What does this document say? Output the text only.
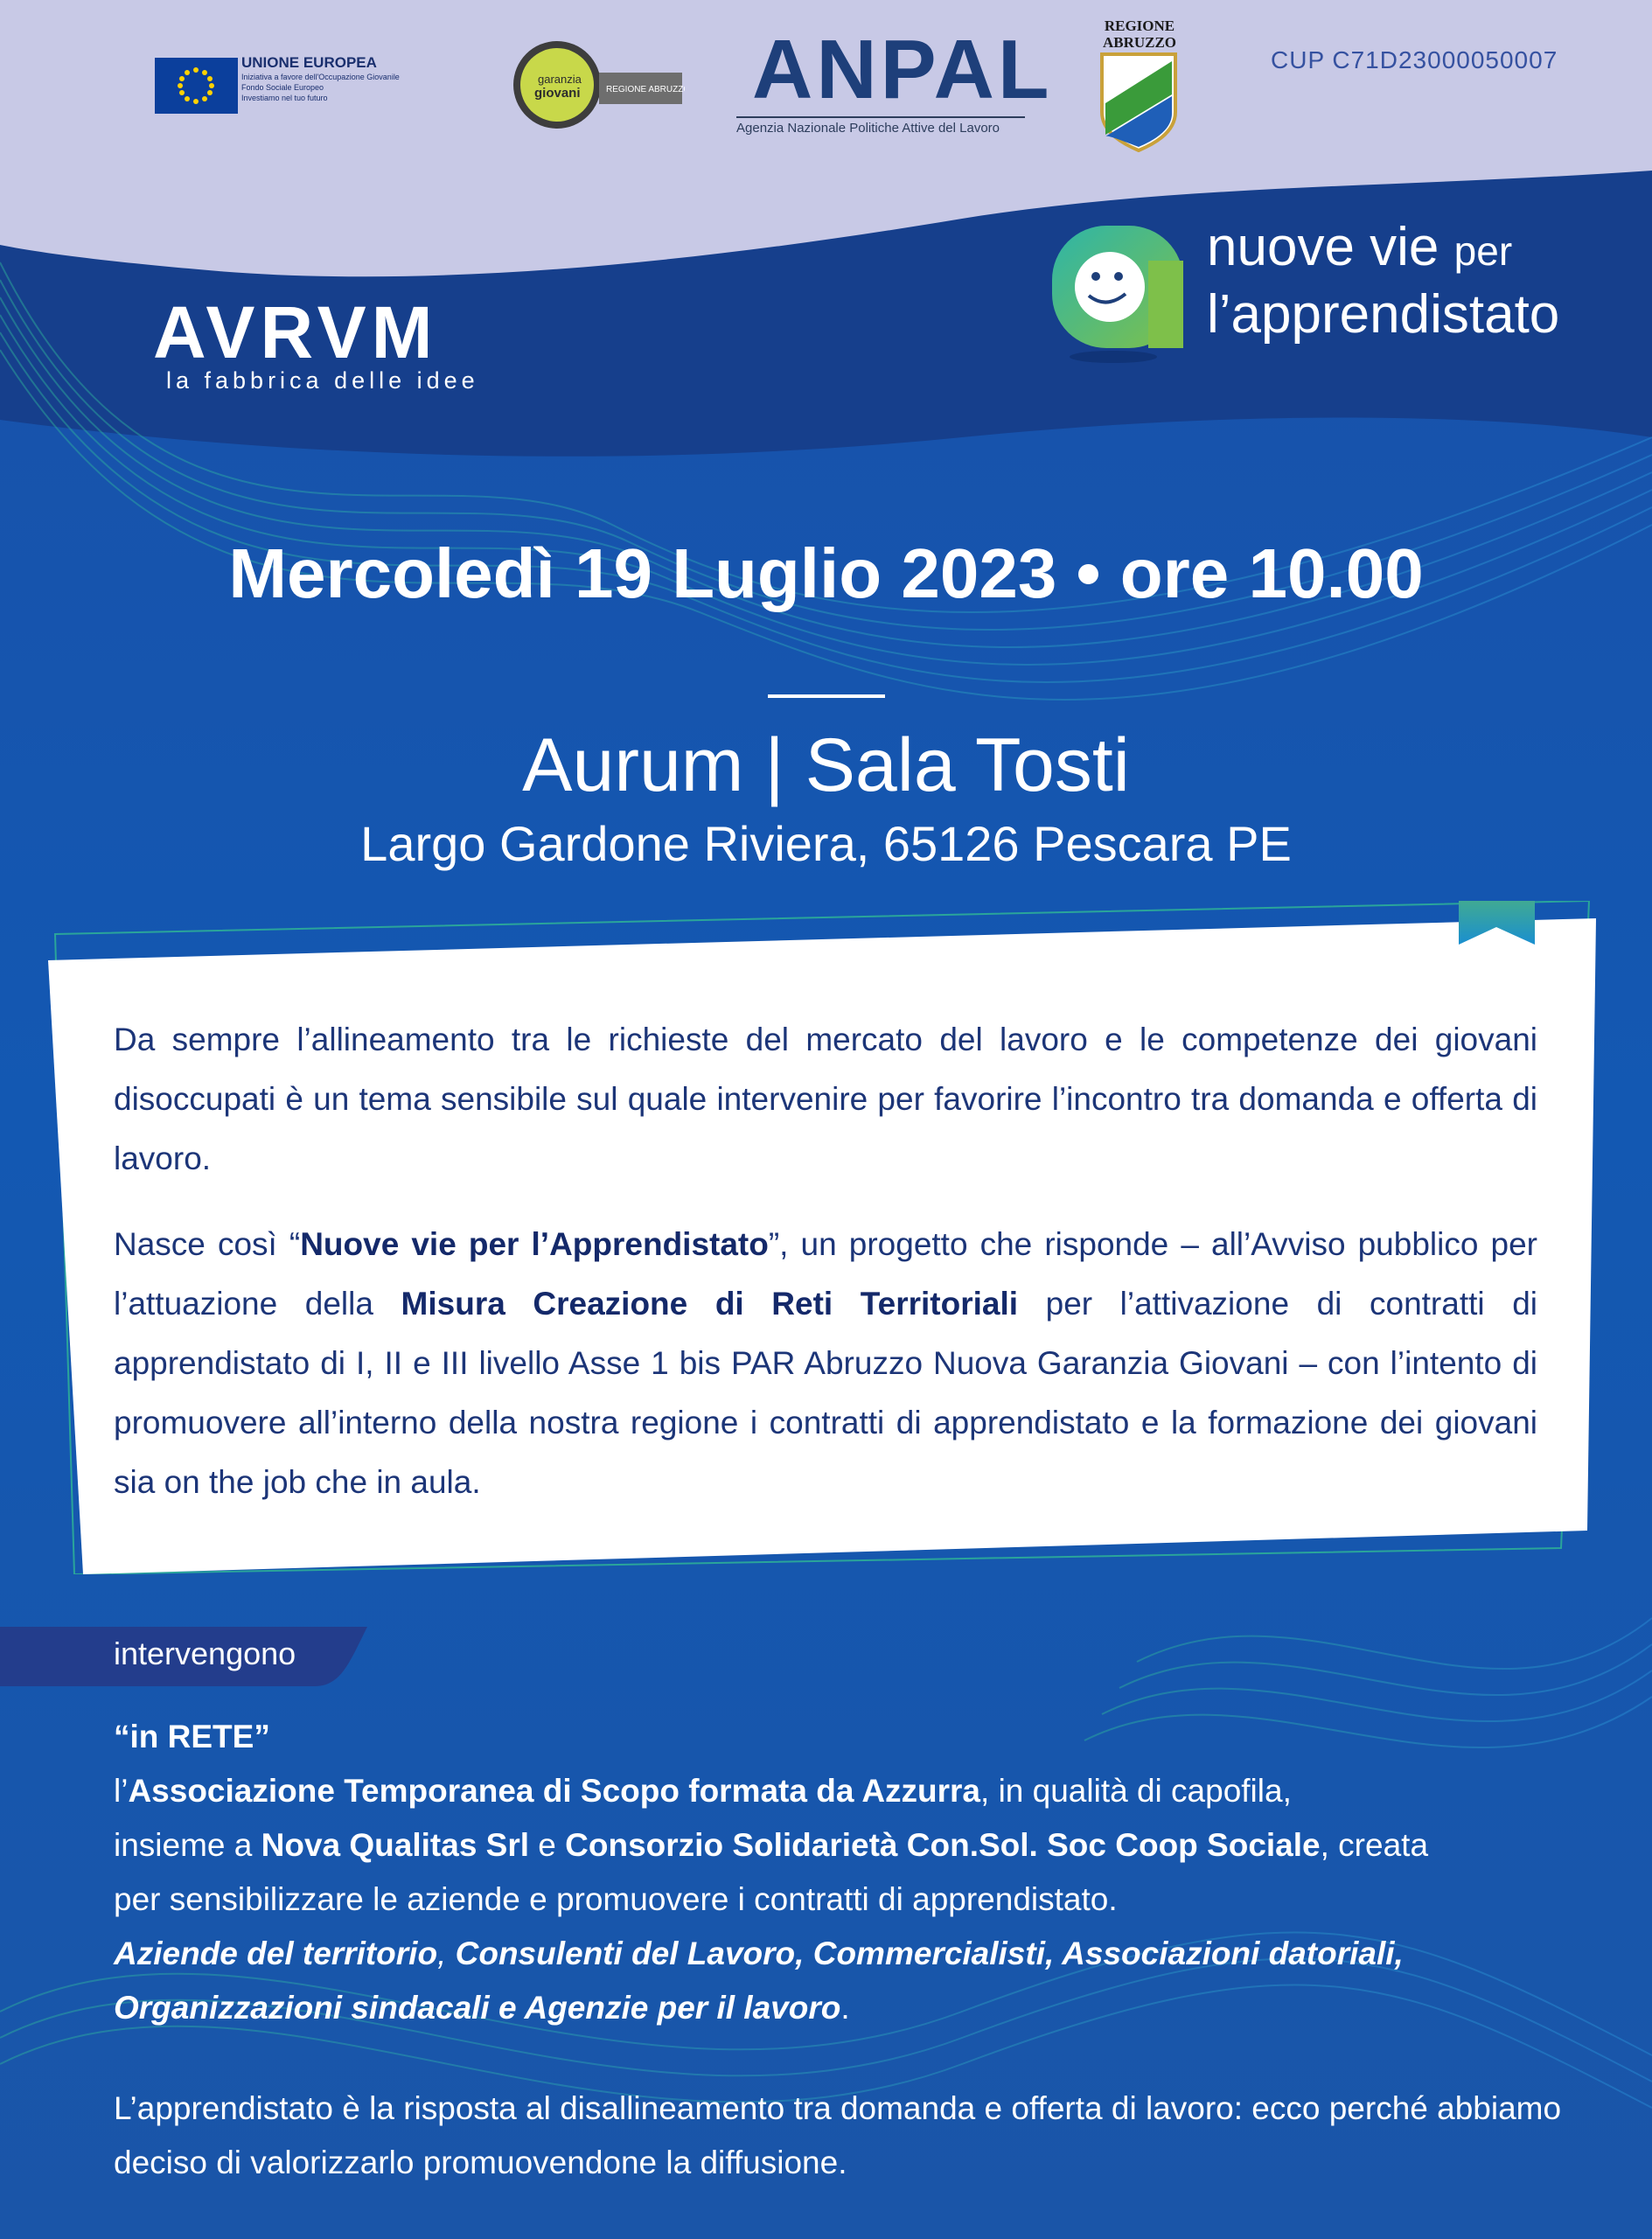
UNIONE EUROPEA
Iniziativa a favore dell'Occupazione Giovanile
Fondo Sociale Europeo
Investiamo nel tuo futuro
garanzia
giovani	REGIONE ABRUZZO ANPAL
Agenzia Nazionale Politiche Attive del Lavoro
REGIONE
ABRUZZO
CUP C71D23000050007
AVRVM
la fabbrica delle idee
nuove vie per
l’apprendistato
Mercoledì 19 Luglio 2023 • ore 10.00
Aurum | Sala Tosti
Largo Gardone Riviera, 65126 Pescara PE

Da sempre l’allineamento tra le richieste del mercato del lavoro e le competenze dei giovani disoccupati è un tema sensibile sul quale intervenire per favorire l’incontro tra domanda e offerta di lavoro.

Nasce così “Nuove vie per l’Apprendistato”, un progetto che risponde – all’Avviso pubblico per l’attuazione della Misura Creazione di Reti Territoriali per l’attivazione di contratti di apprendistato di I, II e III livello Asse 1 bis PAR Abruzzo Nuova Garanzia Giovani – con l’intento di promuovere all’interno della nostra regione i contratti di apprendistato e la formazione dei giovani sia on the job che in aula.

intervengono

“in RETE”

l’Associazione Temporanea di Scopo formata da Azzurra, in qualità di capofila,

insieme a Nova Qualitas Srl e Consorzio Solidarietà Con.Sol. Soc Coop Sociale, creata

per sensibilizzare le aziende e promuovere i contratti di apprendistato.

Aziende del territorio, Consulenti del Lavoro, Commercialisti, Associazioni datoriali,

Organizzazioni sindacali e Agenzie per il lavoro.

L’apprendistato è la risposta al disallineamento tra domanda e offerta di lavoro: ecco perché abbiamo deciso di valorizzarlo promuovendone la diffusione.
